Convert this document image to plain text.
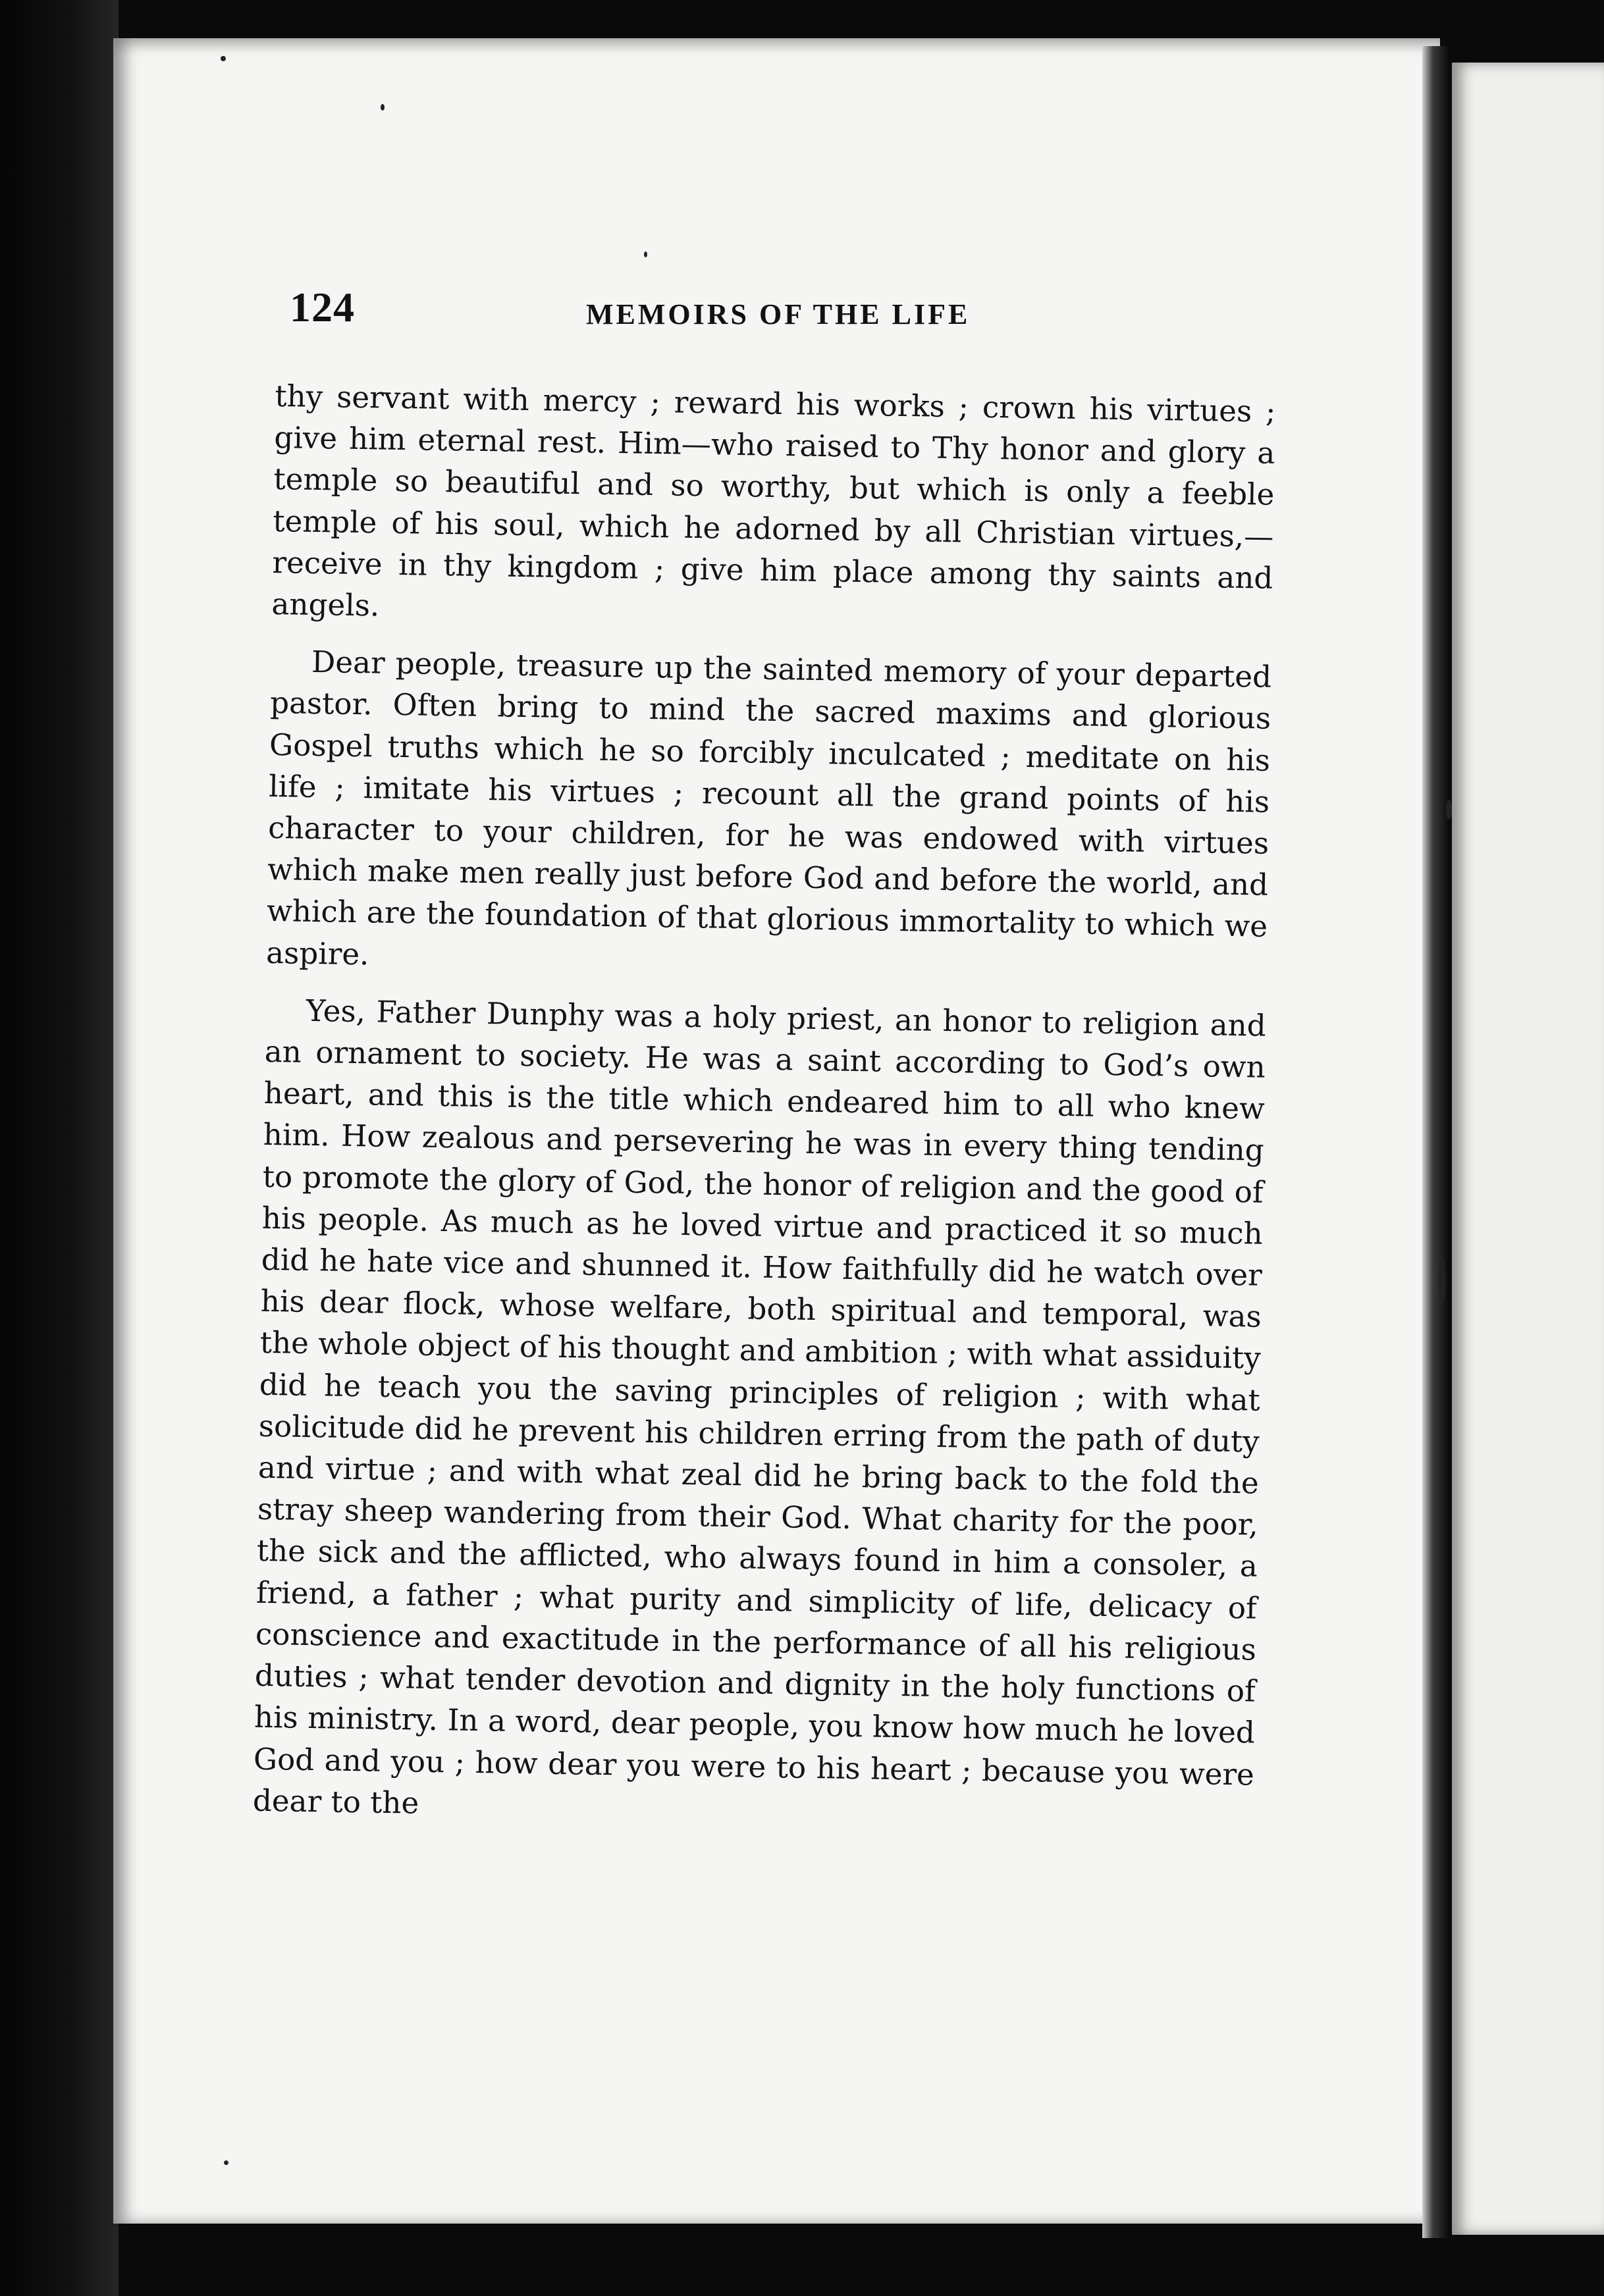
124	MEMOIRS OF THE LIFE

thy servant with mercy ; reward his works ; crown his virtues ; give him eternal rest. Him—who raised to Thy honor and glory a temple so beautiful and so worthy, but which is only a feeble temple of his soul, which he adorned by all Christian virtues,—receive in thy kingdom ; give him place among thy saints and angels.

Dear people, treasure up the sainted memory of your departed pastor. Often bring to mind the sacred maxims and glorious Gospel truths which he so forcibly inculcated ; meditate on his life ; imitate his virtues ; recount all the grand points of his character to your children, for he was endowed with virtues which make men really just before God and before the world, and which are the foundation of that glorious immortality to which we aspire.

Yes, Father Dunphy was a holy priest, an honor to religion and an ornament to society. He was a saint according to God’s own heart, and this is the title which endeared him to all who knew him. How zealous and persevering he was in every thing tending to promote the glory of God, the honor of religion and the good of his people. As much as he loved virtue and practiced it so much did he hate vice and shunned it. How faithfully did he watch over his dear flock, whose welfare, both spiritual and temporal, was the whole object of his thought and ambition ; with what assiduity did he teach you the saving principles of religion ; with what solicitude did he prevent his children erring from the path of duty and virtue ; and with what zeal did he bring back to the fold the stray sheep wandering from their God. What charity for the poor, the sick and the afflicted, who always found in him a consoler, a friend, a father ; what purity and simplicity of life, delicacy of conscience and exactitude in the performance of all his religious duties ; what tender devotion and dignity in the holy functions of his ministry. In a word, dear people, you know how much he loved God and you ; how dear you were to his heart ; because you were dear to the
